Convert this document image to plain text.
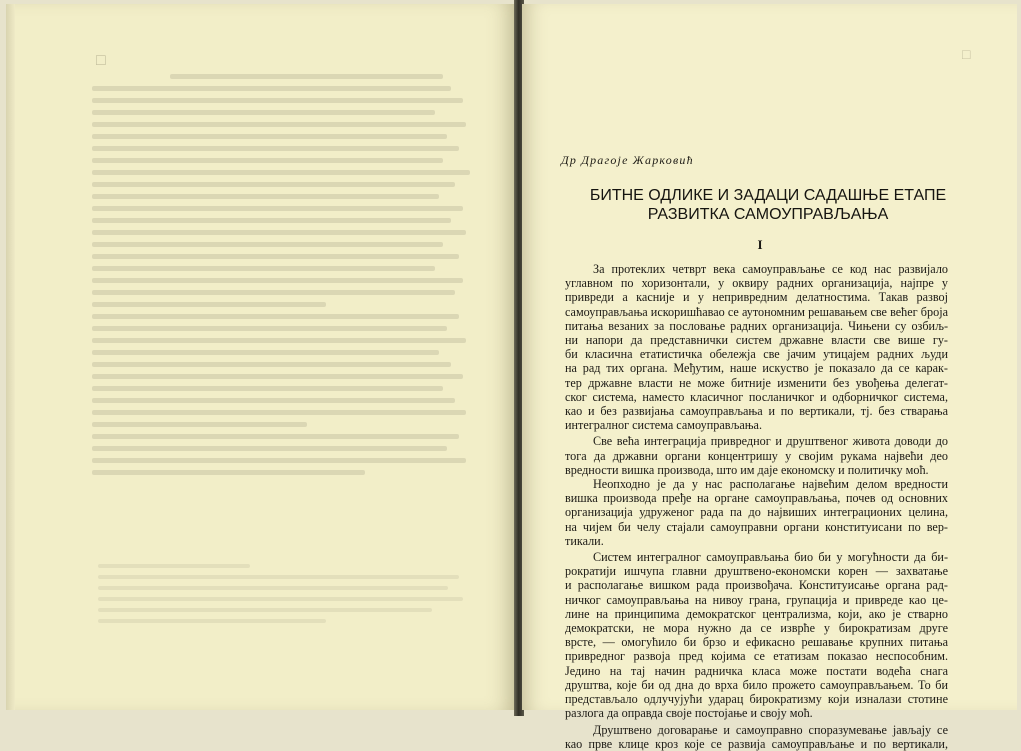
□	□
Др Драгоје Жарковић
БИТНЕ ОДЛИКЕ И ЗАДАЦИ САДАШЊЕ ЕТАПЕ
РАЗВИТКА САМОУПРАВЉАЊА
I
За протеклих четврт века самоуправљање се код нас развијало
углавном по хоризонтали, у оквиру радних организација, најпре у
привреди а касније и у непривредним делатностима. Такав развој
самоуправљања искоришћавао се аутономним решавањем све већег броја
питања везаних за пословање радних организација. Чињени су озбиљ-
ни напори да представнички систем државне власти све више гу-
би класична етатистичка обележја све јачим утицајем радних људи
на рад тих органа. Међутим, наше искуство је показало да се карак-
тер државне власти не може битније изменити без увођења делегат-
ског система, наместо класичног посланичког и одборничког система,
као и без развијања самоуправљања и по вертикали, тј. без стварања
интегралног система самоуправљања.
Све већа интеграција привредног и друштвеног живота доводи до
тога да државни органи концентришу у својим рукама највећи део
вредности вишка производа, што им даје економску и политичку моћ.
Неопходно је да у нас располагање највећим делом вредности
вишка производа пређе на органе самоуправљања, почев од основних
организација удруженог рада па до највиших интеграционих целина,
на чијем би челу стајали самоуправни органи конституисани по вер-
тикали.
Систем интегралног самоуправљања био би у могућности да би-
рократији ишчупа главни друштвено-економски корен — захватање
и располагање вишком рада произвођача. Конституисање органа рад-
ничког самоуправљања на нивоу грана, групација и привреде као це-
лине на принципима демократског централизма, који, ако је стварно
демократски, не мора нужно да се изврће у бирократизам друге
врсте, — омогућило би брзо и ефикасно решавање крупних питања
привредног развоја пред којима се етатизам показао неспособним.
Једино на тај начин радничка класа може постати водећа снага
друштва, које би од дна до врха било прожето самоуправљањем. То би
представљало одлучујући ударац бирократизму који изналази стотине
разлога да оправда своје постојање и своју моћ.
Друштвено договарање и самоуправно споразумевање јављају се
као прве клице кроз које се развија самоуправљање и по вертикали,
